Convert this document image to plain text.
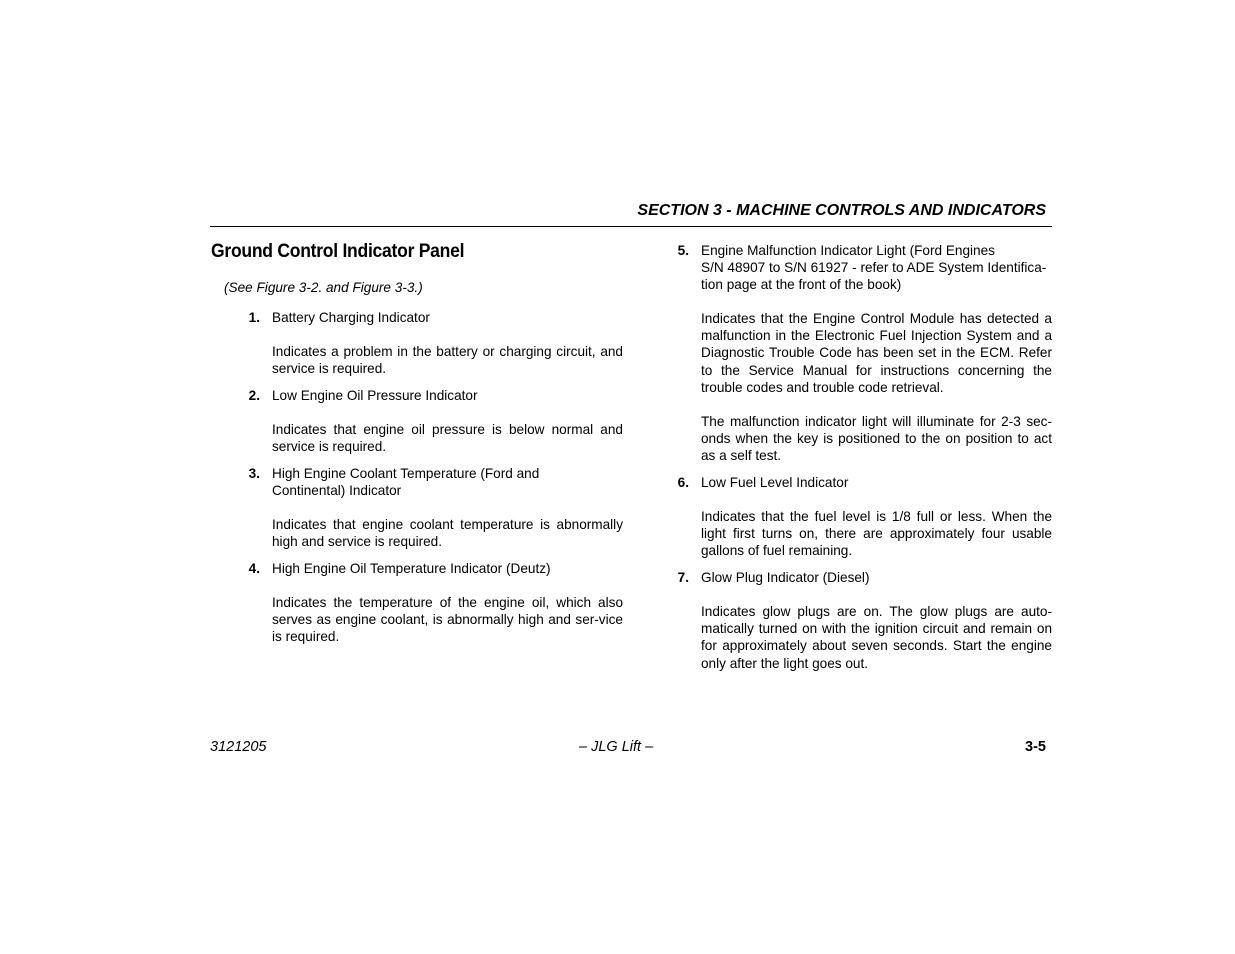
SECTION 3 - MACHINE CONTROLS AND INDICATORS
Ground Control Indicator Panel
(See Figure 3-2. and Figure 3-3.)
1. Battery Charging Indicator
Indicates a problem in the battery or charging circuit, and service is required.
2. Low Engine Oil Pressure Indicator
Indicates that engine oil pressure is below normal and service is required.
3. High Engine Coolant Temperature (Ford and
Continental) Indicator
Indicates that engine coolant temperature is abnormally high and service is required.
4. High Engine Oil Temperature Indicator (Deutz)
Indicates the temperature of the engine oil, which also serves as engine coolant, is abnormally high and ser-vice is required.
5. Engine Malfunction Indicator Light (Ford Engines
S/N 48907 to S/N 61927 - refer to ADE System Identifica-
tion page at the front of the book)
Indicates that the Engine Control Module has detected a malfunction in the Electronic Fuel Injection System and a Diagnostic Trouble Code has been set in the ECM. Refer to the Service Manual for instructions concerning the trouble codes and trouble code retrieval.
The malfunction indicator light will illuminate for 2-3 sec-onds when the key is positioned to the on position to act as a self test.
6. Low Fuel Level Indicator
Indicates that the fuel level is 1/8 full or less. When the light first turns on, there are approximately four usable gallons of fuel remaining.
7. Glow Plug Indicator (Diesel)
Indicates glow plugs are on. The glow plugs are auto-matically turned on with the ignition circuit and remain on for approximately about seven seconds. Start the engine only after the light goes out.
3121205	– JLG Lift –	3-5
